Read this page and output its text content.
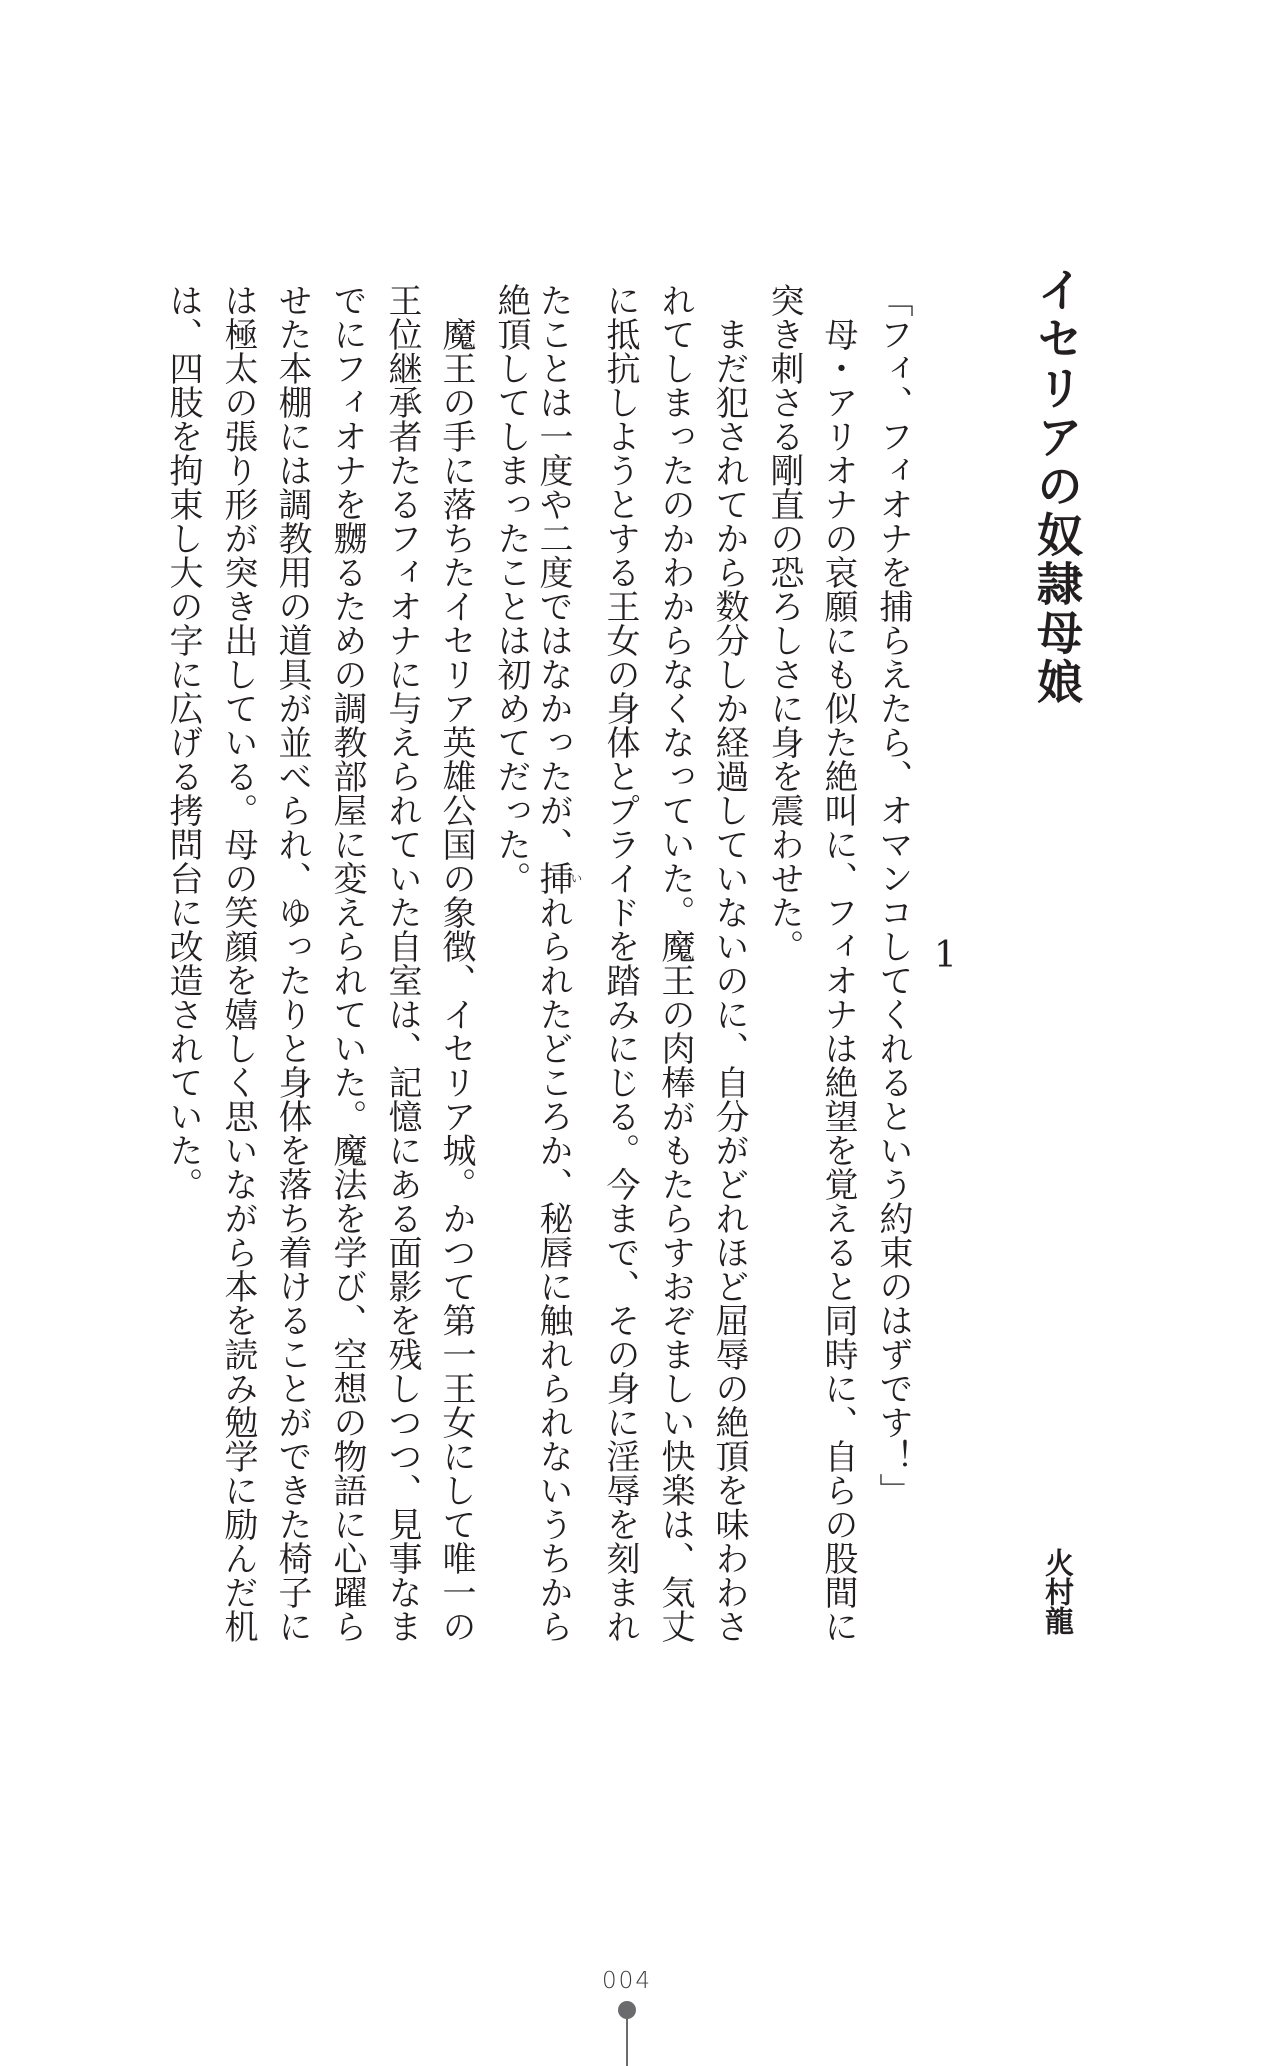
イセリアの奴隷母娘
火村龍
1
「フィ、フィオナを捕らえたら、オマンコしてくれるという約束のはずです！」
　母・アリオナの哀願にも似た絶叫に、フィオナは絶望を覚えると同時に、自らの股間に
突き刺さる剛直の恐ろしさに身を震わせた。
　まだ犯されてから数分しか経過していないのに、自分がどれほど屈辱の絶頂を味わわさ
れてしまったのかわからなくなっていた。魔王の肉棒がもたらすおぞましい快楽は、気丈
に抵抗しようとする王女の身体とプライドを踏みにじる。今まで、その身に淫辱を刻まれ
たことは一度や二度ではなかったが、挿いれられたどころか、秘唇に触れられないうちから
絶頂してしまったことは初めてだった。
　魔王の手に落ちたイセリア英雄公国の象徴、イセリア城。かつて第一王女にして唯一の
王位継承者たるフィオナに与えられていた自室は、記憶にある面影を残しつつ、見事なま
でにフィオナを嬲るための調教部屋に変えられていた。魔法を学び、空想の物語に心躍ら
せた本棚には調教用の道具が並べられ、ゆったりと身体を落ち着けることができた椅子に
は極太の張り形が突き出している。母の笑顔を嬉しく思いながら本を読み勉学に励んだ机
は、四肢を拘束し大の字に広げる拷問台に改造されていた。
004
